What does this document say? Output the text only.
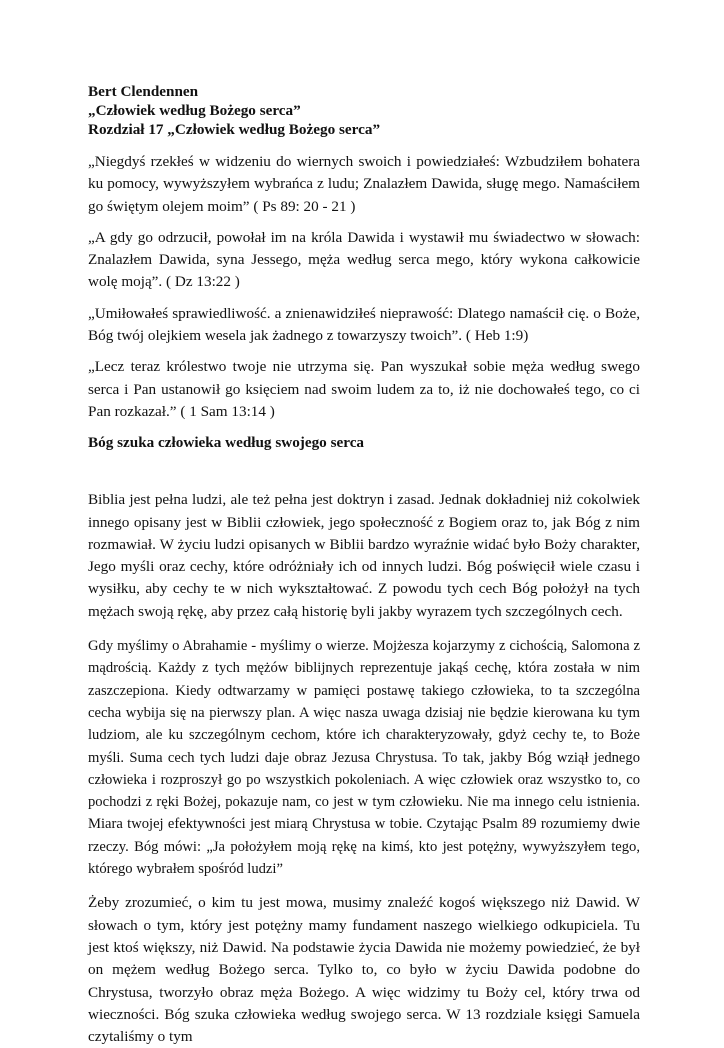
Bert Clendennen

„Człowiek według Bożego serca”

Rozdział 17 „Człowiek według Bożego serca”

„Niegdyś rzekłeś w widzeniu do wiernych swoich i powiedziałeś: Wzbudziłem bohatera ku pomocy, wywyższyłem wybrańca z ludu; Znalazłem Dawida, sługę mego. Namaściłem go świętym olejem moim” ( Ps 89: 20 - 21 )

„A gdy go odrzucił, powołał im na króla Dawida i wystawił mu świadectwo w słowach: Znalazłem Dawida, syna Jessego, męża według serca mego, który wykona całkowicie wolę moją”. ( Dz 13:22 )

„Umiłowałeś sprawiedliwość. a znienawidziłeś nieprawość: Dlatego namaścił cię. o Boże, Bóg twój olejkiem wesela jak żadnego z towarzyszy twoich”. ( Heb 1:9)

„Lecz teraz królestwo twoje nie utrzyma się. Pan wyszukał sobie męża według swego serca i Pan ustanowił go księciem nad swoim ludem za to, iż nie dochowałeś tego, co ci Pan rozkazał.” ( 1 Sam 13:14 )

Bóg szuka człowieka według swojego serca

Biblia jest pełna ludzi, ale też pełna jest doktryn i zasad. Jednak dokładniej niż cokolwiek innego opisany jest w Biblii człowiek, jego społeczność z Bogiem oraz to, jak Bóg z nim rozmawiał. W życiu ludzi opisanych w Biblii bardzo wyraźnie widać było Boży charakter, Jego myśli oraz cechy, które odróżniały ich od innych ludzi. Bóg poświęcił wiele czasu i wysiłku, aby cechy te w nich wykształtować. Z powodu tych cech Bóg położył na tych mężach swoją rękę, aby przez całą historię byli jakby wyrazem tych szczególnych cech.

Gdy myślimy o Abrahamie - myślimy o wierze. Mojżesza kojarzymy z cichością, Salomona z mądrością. Każdy z tych mężów biblijnych reprezentuje jakąś cechę, która została w nim zaszczepiona. Kiedy odtwarzamy w pamięci postawę takiego człowieka, to ta szczególna cecha wybija się na pierwszy plan. A więc nasza uwaga dzisiaj nie będzie kierowana ku tym ludziom, ale ku szczególnym cechom, które ich charakteryzowały, gdyż cechy te, to Boże myśli. Suma cech tych ludzi daje obraz Jezusa Chrystusa. To tak, jakby Bóg wziął jednego człowieka i rozproszył go po wszystkich pokoleniach. A więc człowiek oraz wszystko to, co pochodzi z ręki Bożej, pokazuje nam, co jest w tym człowieku. Nie ma innego celu istnienia. Miara twojej efektywności jest miarą Chrystusa w tobie. Czytając Psalm 89 rozumiemy dwie rzeczy. Bóg mówi: „Ja położyłem moją rękę na kimś, kto jest potężny, wywyższyłem tego, którego wybrałem spośród ludzi”

Żeby zrozumieć, o kim tu jest mowa, musimy znaleźć kogoś większego niż Dawid. W słowach o tym, który jest potężny mamy fundament naszego wielkiego odkupiciela. Tu jest ktoś większy, niż Dawid. Na podstawie życia Dawida nie możemy powiedzieć, że był on mężem według Bożego serca. Tylko to, co było w życiu Dawida podobne do Chrystusa, tworzyło obraz męża Bożego. A więc widzimy tu Boży cel, który trwa od wieczności. Bóg szuka człowieka według swojego serca. W 13 rozdziale księgi Samuela czytaliśmy o tym
